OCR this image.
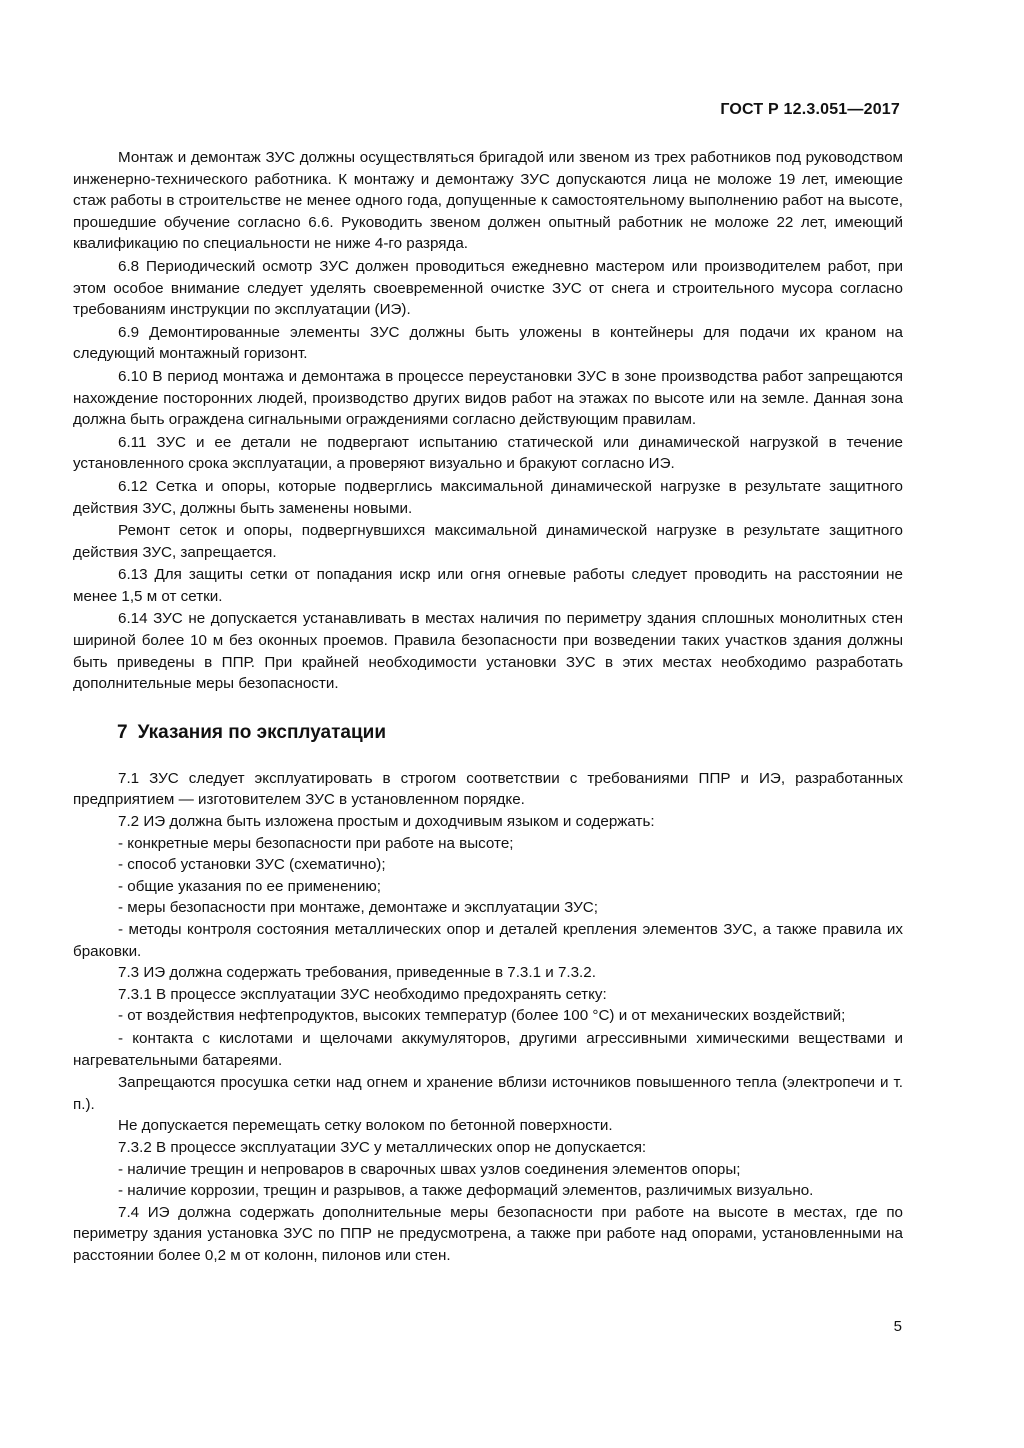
ГОСТ Р 12.3.051—2017

Монтаж и демонтаж ЗУС должны осуществляться бригадой или звеном из трех работников под руководством инженерно-технического работника. К монтажу и демонтажу ЗУС допускаются лица не моложе 19 лет, имеющие стаж работы в строительстве не менее одного года, допущенные к самостоятельному выполнению работ на высоте, прошедшие обучение согласно 6.6. Руководить звеном должен опытный работник не моложе 22 лет, имеющий квалификацию по специальности не ниже 4-го разряда.

6.8 Периодический осмотр ЗУС должен проводиться ежедневно мастером или производителем работ, при этом особое внимание следует уделять своевременной очистке ЗУС от снега и строительного мусора согласно требованиям инструкции по эксплуатации (ИЭ).

6.9 Демонтированные элементы ЗУС должны быть уложены в контейнеры для подачи их краном на следующий монтажный горизонт.

6.10 В период монтажа и демонтажа в процессе переустановки ЗУС в зоне производства работ запрещаются нахождение посторонних людей, производство других видов работ на этажах по высоте или на земле. Данная зона должна быть ограждена сигнальными ограждениями согласно действующим правилам.

6.11 ЗУС и ее детали не подвергают испытанию статической или динамической нагрузкой в течение установленного срока эксплуатации, а проверяют визуально и бракуют согласно ИЭ.

6.12 Сетка и опоры, которые подверглись максимальной динамической нагрузке в результате защитного действия ЗУС, должны быть заменены новыми.

Ремонт сеток и опоры, подвергнувшихся максимальной динамической нагрузке в результате защитного действия ЗУС, запрещается.

6.13 Для защиты сетки от попадания искр или огня огневые работы следует проводить на расстоянии не менее 1,5 м от сетки.

6.14 ЗУС не допускается устанавливать в местах наличия по периметру здания сплошных монолитных стен шириной более 10 м без оконных проемов. Правила безопасности при возведении таких участков здания должны быть приведены в ППР. При крайней необходимости установки ЗУС в этих местах необходимо разработать дополнительные меры безопасности.

7 Указания по эксплуатации

7.1 ЗУС следует эксплуатировать в строгом соответствии с требованиями ППР и ИЭ, разработанных предприятием — изготовителем ЗУС в установленном порядке.

7.2 ИЭ должна быть изложена простым и доходчивым языком и содержать:

- конкретные меры безопасности при работе на высоте;

- способ установки ЗУС (схематично);

- общие указания по ее применению;

- меры безопасности при монтаже, демонтаже и эксплуатации ЗУС;

- методы контроля состояния металлических опор и деталей крепления элементов ЗУС, а также правила их браковки.

7.3 ИЭ должна содержать требования, приведенные в 7.3.1 и 7.3.2.

7.3.1 В процессе эксплуатации ЗУС необходимо предохранять сетку:

- от воздействия нефтепродуктов, высоких температур (более 100 °С) и от механических воздействий;

- контакта с кислотами и щелочами аккумуляторов, другими агрессивными химическими веществами и нагревательными батареями.

Запрещаются просушка сетки над огнем и хранение вблизи источников повышенного тепла (электропечи и т. п.).

Не допускается перемещать сетку волоком по бетонной поверхности.

7.3.2 В процессе эксплуатации ЗУС у металлических опор не допускается:

- наличие трещин и непроваров в сварочных швах узлов соединения элементов опоры;

- наличие коррозии, трещин и разрывов, а также деформаций элементов, различимых визуально.

7.4 ИЭ должна содержать дополнительные меры безопасности при работе на высоте в местах, где по периметру здания установка ЗУС по ППР не предусмотрена, а также при работе над опорами, установленными на расстоянии более 0,2 м от колонн, пилонов или стен.

5
